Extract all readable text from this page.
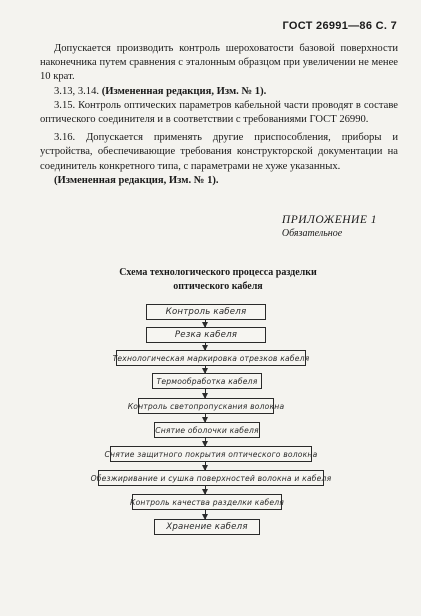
ГОСТ 26991—86 С. 7

Допускается производить контроль шероховатости базовой поверхности наконечника путем сравнения с эталонным образцом при увеличении не менее 10 крат.

3.13, 3.14. (Измененная редакция, Изм. № 1).

3.15. Контроль оптических параметров кабельной части проводят в составе оптического соединителя и в соответствии с требованиями ГОСТ 26990.

3.16. Допускается применять другие приспособления, приборы и устройства, обеспечивающие требования конструкторской документации на соединитель конкретного типа, с параметрами не хуже указанных.

(Измененная редакция, Изм. № 1).

ПРИЛОЖЕНИЕ 1
Обязательное
Схема технологического процесса разделки
оптического кабеля
Контроль кабеля
Резка кабеля
Технологическая маркировка отрезков кабеля
Термообработка кабеля
Контроль светопропускания волокна
Снятие оболочки кабеля
Снятие защитного покрытия оптического волокна
Обезжиривание и сушка поверхностей волокна и кабеля
Контроль качества разделки кабеля
Хранение кабеля
